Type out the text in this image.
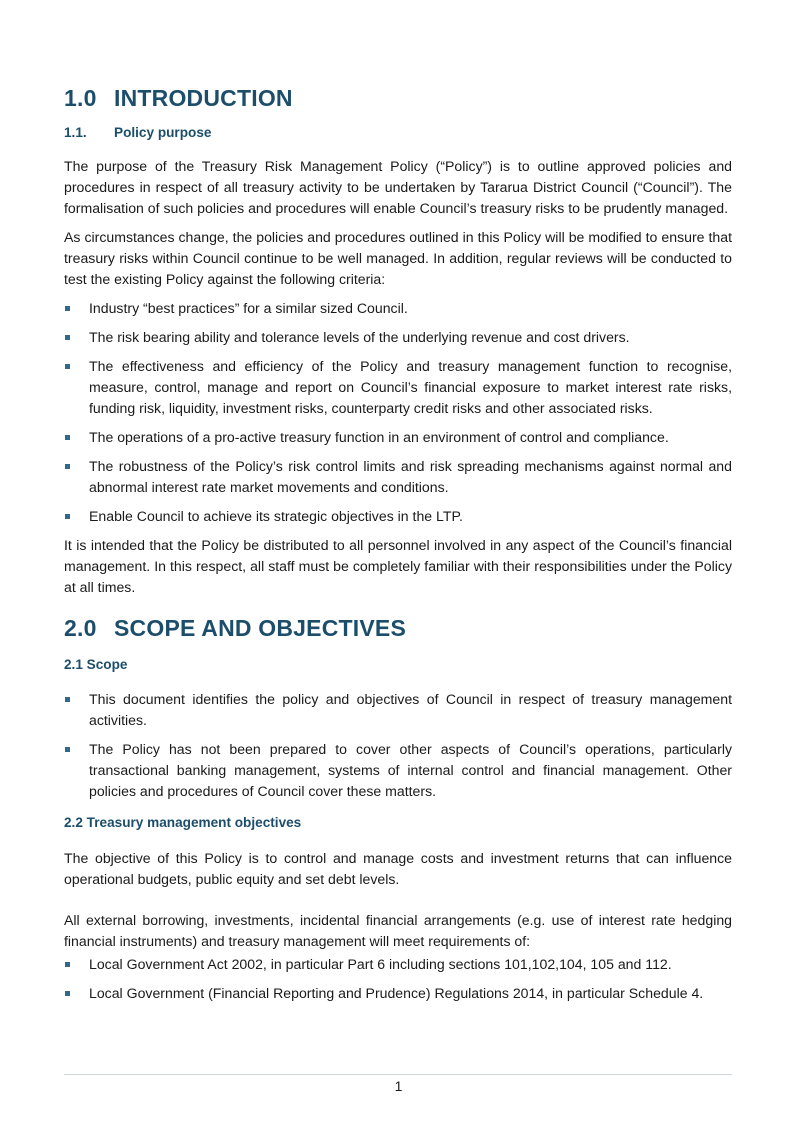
1.0 INTRODUCTION
1.1. Policy purpose

The purpose of the Treasury Risk Management Policy (“Policy”) is to outline approved policies and procedures in respect of all treasury activity to be undertaken by Tararua District Council (“Council”). The formalisation of such policies and procedures will enable Council’s treasury risks to be prudently managed.

As circumstances change, the policies and procedures outlined in this Policy will be modified to ensure that treasury risks within Council continue to be well managed. In addition, regular reviews will be conducted to test the existing Policy against the following criteria:

Industry “best practices” for a similar sized Council.
The risk bearing ability and tolerance levels of the underlying revenue and cost drivers.
The effectiveness and efficiency of the Policy and treasury management function to recognise, measure, control, manage and report on Council’s financial exposure to market interest rate risks, funding risk, liquidity, investment risks, counterparty credit risks and other associated risks.
The operations of a pro-active treasury function in an environment of control and compliance.
The robustness of the Policy’s risk control limits and risk spreading mechanisms against normal and abnormal interest rate market movements and conditions.
Enable Council to achieve its strategic objectives in the LTP.

It is intended that the Policy be distributed to all personnel involved in any aspect of the Council’s financial management. In this respect, all staff must be completely familiar with their responsibilities under the Policy at all times.

2.0 SCOPE AND OBJECTIVES
2.1 Scope
This document identifies the policy and objectives of Council in respect of treasury management activities.
The Policy has not been prepared to cover other aspects of Council’s operations, particularly transactional banking management, systems of internal control and financial management. Other policies and procedures of Council cover these matters.
2.2 Treasury management objectives

The objective of this Policy is to control and manage costs and investment returns that can influence operational budgets, public equity and set debt levels.

All external borrowing, investments, incidental financial arrangements (e.g. use of interest rate hedging financial instruments) and treasury management will meet requirements of:

Local Government Act 2002, in particular Part 6 including sections 101,102,104, 105 and 112.
Local Government (Financial Reporting and Prudence) Regulations 2014, in particular Schedule 4.
1
